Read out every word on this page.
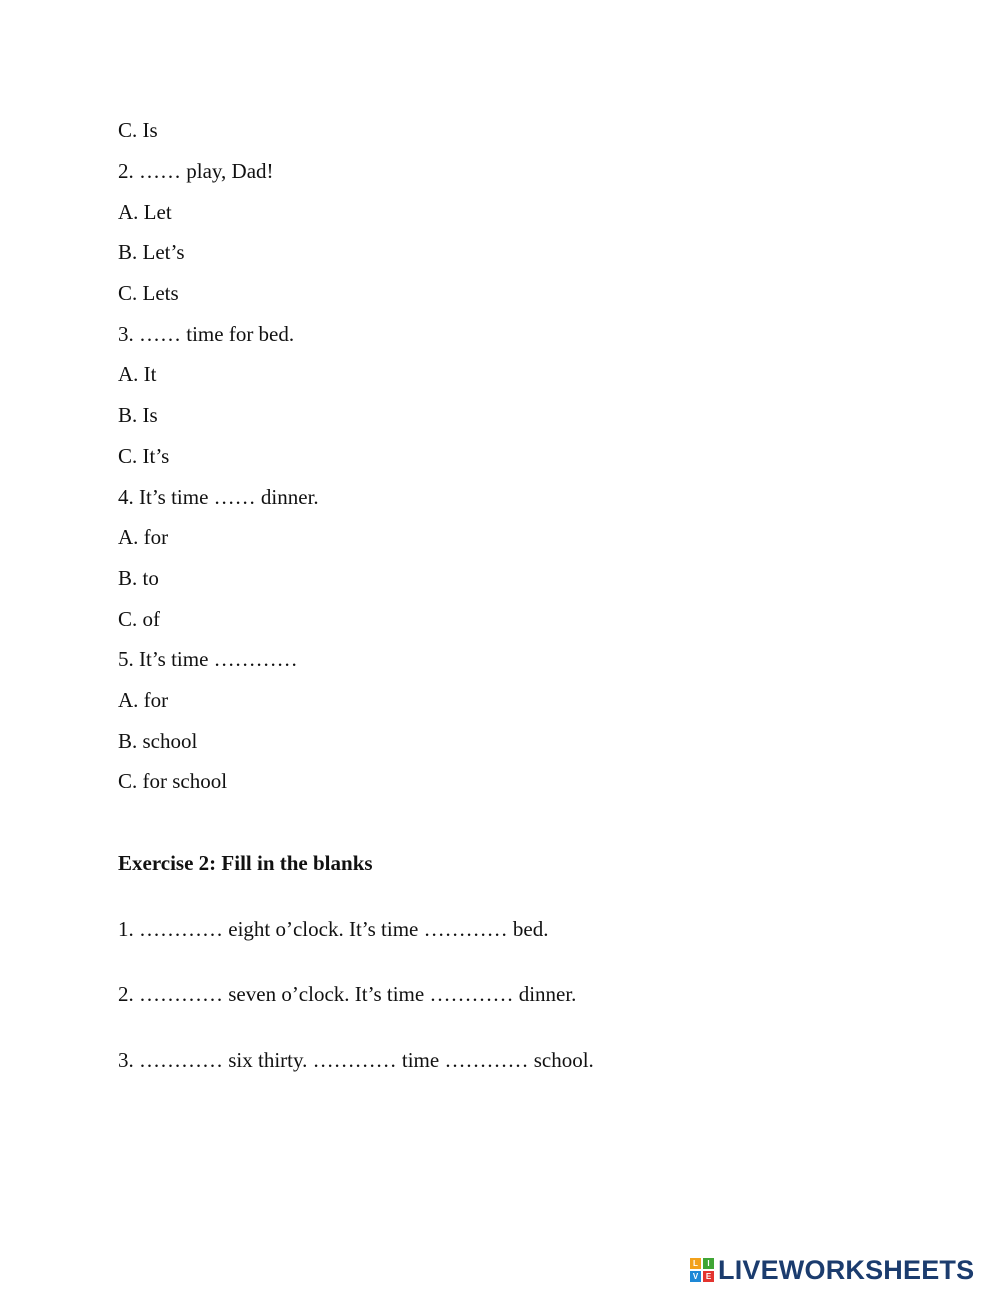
C. Is
2. …… play, Dad!
A. Let
B. Let’s
C. Lets
3. …… time for bed.
A. It
B. Is
C. It’s
4. It’s time …… dinner.
A. for
B. to
C. of
5. It’s time …………
A. for
B. school
C. for school
Exercise 2: Fill in the blanks
1. ………… eight o’clock. It’s time ………… bed.
2. ………… seven o’clock. It’s time ………… dinner.
3. ………… six thirty. ………… time ………… school.
L	I
V E LIVEWORKSHEETS
